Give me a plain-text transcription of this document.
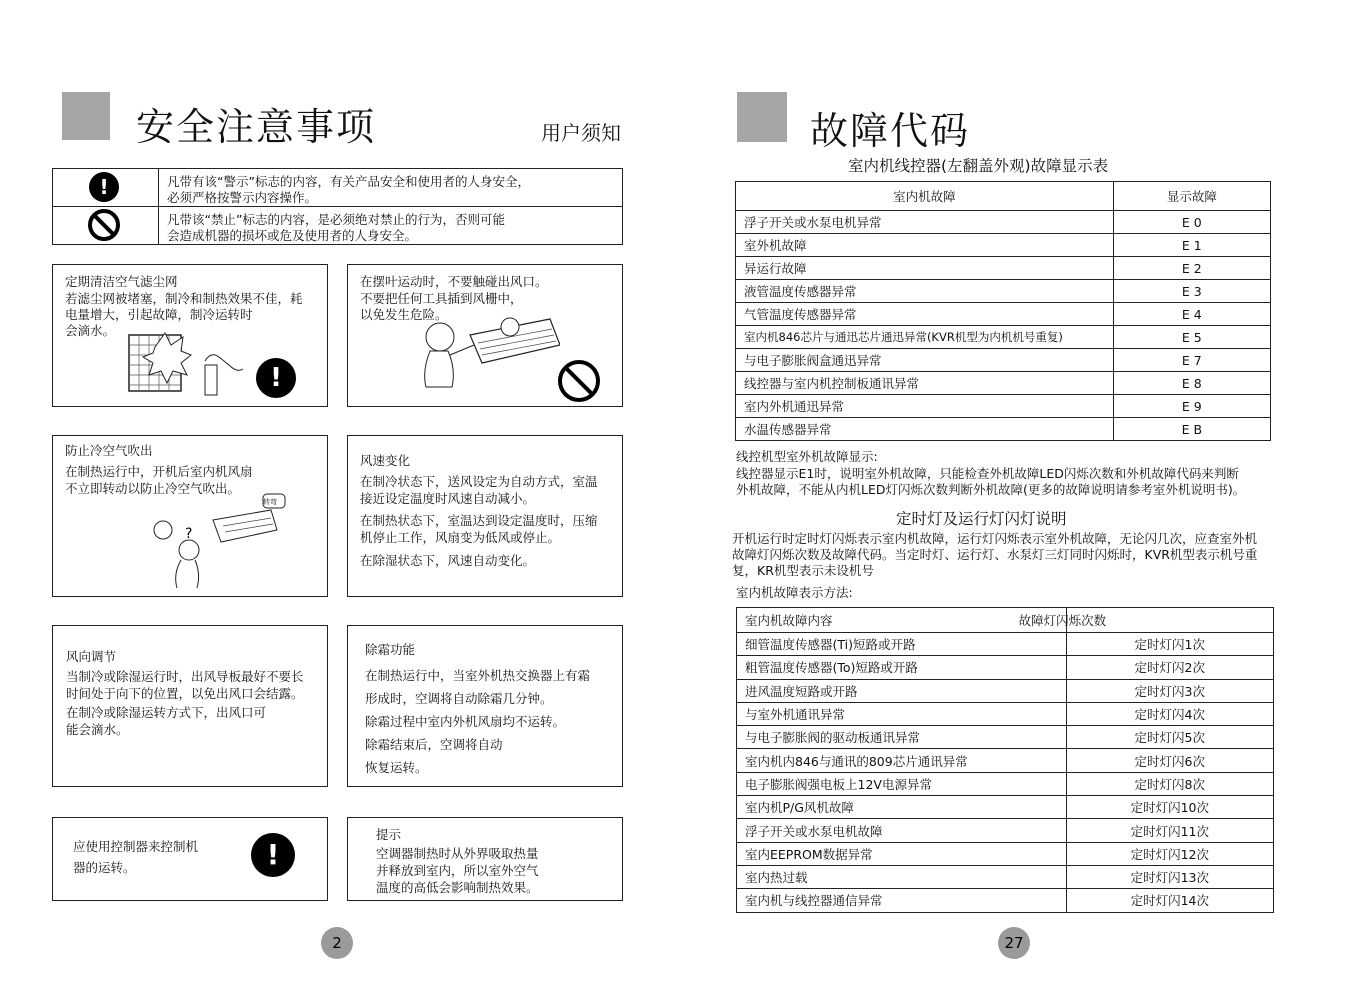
安全注意事项	用户须知
!	凡带有该“警示”标志的内容，有关产品安全和使用者的人身安全，
必须严格按警示内容操作。
凡带该“禁止”标志的内容，是必须绝对禁止的行为，否则可能
会造成机器的损坏或危及使用者的人身安全。
定期清洁空气滤尘网
若滤尘网被堵塞，制冷和制热效果不佳，耗
电量增大，引起故障，制冷运转时
会滴水。
!
在摆叶运动时，不要触碰出风口。
不要把任何工具插到风栅中，
以免发生危险。
防止冷空气吹出
在制热运行中，开机后室内机风扇
不立即转动以防止冷空气吹出。
?
转弯
风速变化
在制冷状态下，送风设定为自动方式，室温
接近设定温度时风速自动减小。
在制热状态下，室温达到设定温度时，压缩
机停止工作，风扇变为低风或停止。
在除湿状态下，风速自动变化。
风向调节
当制冷或除湿运行时，出风导板最好不要长
时间处于向下的位置，以免出风口会结露。
在制冷或除湿运转方式下，出风口可
能会滴水。
除霜功能
在制热运行中，当室外机热交换器上有霜
形成时，空调将自动除霜几分钟。
除霜过程中室内外机风扇均不运转。
除霜结束后，空调将自动
恢复运转。
应使用控制器来控制机
器的运转。	!
提示
空调器制热时从外界吸取热量
并释放到室内，所以室外空气
温度的高低会影响制热效果。
2
故障代码
室内机线控器(左翻盖外观)故障显示表
室内机故障	显示故障
浮子开关或水泵电机异常	E 0
室外机故障	E 1
异运行故障	E 2
液管温度传感器异常	E 3
气管温度传感器异常	E 4
室内机846芯片与通迅芯片通迅异常(KVR机型为内机机号重复)	E 5
与电子膨胀阀盒通迅异常	E 7
线控器与室内机控制板通讯异常	E 8
室内外机通迅异常	E 9
水温传感器异常	E B
线控机型室外机故障显示:
线控器显示E1时，说明室外机故障，只能检查外机故障LED闪烁次数和外机故障代码来判断
外机故障，不能从内机LED灯闪烁次数判断外机故障(更多的故障说明请参考室外机说明书)。
定时灯及运行灯闪灯说明
开机运行时定时灯闪烁表示室内机故障，运行灯闪烁表示室外机故障，无论闪几次，应查室外机
故障灯闪烁次数及故障代码。当定时灯、运行灯、水泵灯三灯同时闪烁时，KVR机型表示机号重
复，KR机型表示未设机号
室内机故障表示方法:
室内机故障内容	故障灯闪烁次数
细管温度传感器(Ti)短路或开路	定时灯闪1次
粗管温度传感器(To)短路或开路	定时灯闪2次
进风温度短路或开路	定时灯闪3次
与室外机通讯异常	定时灯闪4次
与电子膨胀阀的驱动板通讯异常	定时灯闪5次
室内机内846与通讯的809芯片通讯异常	定时灯闪6次
电子膨胀阀强电板上12V电源异常	定时灯闪8次
室内机P/G风机故障	定时灯闪10次
浮子开关或水泵电机故障	定时灯闪11次
室内EEPROM数据异常	定时灯闪12次
室内热过载	定时灯闪13次
室内机与线控器通信异常	定时灯闪14次
27
